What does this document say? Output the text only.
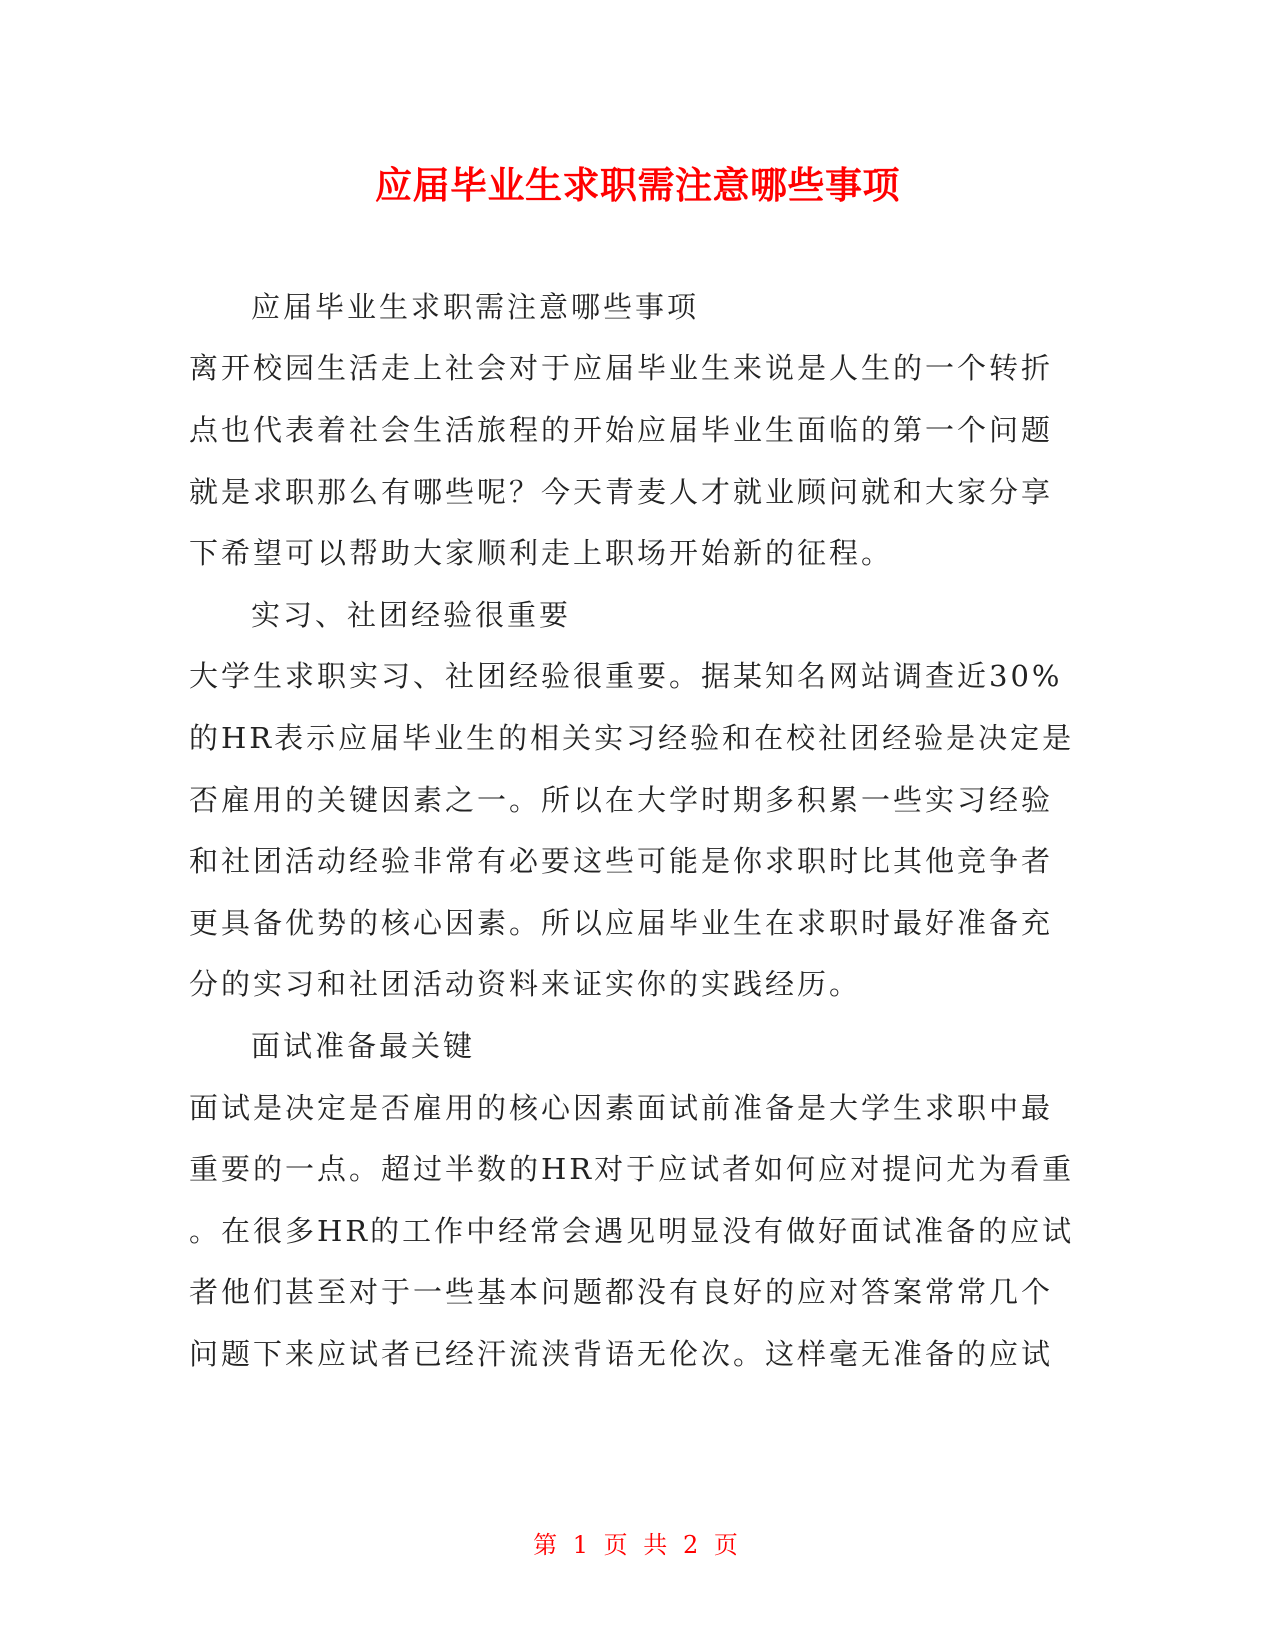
应届毕业生求职需注意哪些事项
应届毕业生求职需注意哪些事项
离开校园生活走上社会对于应届毕业生来说是人生的一个转折
点也代表着社会生活旅程的开始应届毕业生面临的第一个问题
就是求职那么有哪些呢？今天青麦人才就业顾问就和大家分享
下希望可以帮助大家顺利走上职场开始新的征程。
实习、社团经验很重要
大学生求职实习、社团经验很重要。据某知名网站调查近30%
的HR表示应届毕业生的相关实习经验和在校社团经验是决定是
否雇用的关键因素之一。所以在大学时期多积累一些实习经验
和社团活动经验非常有必要这些可能是你求职时比其他竞争者
更具备优势的核心因素。所以应届毕业生在求职时最好准备充
分的实习和社团活动资料来证实你的实践经历。
面试准备最关键
面试是决定是否雇用的核心因素面试前准备是大学生求职中最
重要的一点。超过半数的HR对于应试者如何应对提问尤为看重
。在很多HR的工作中经常会遇见明显没有做好面试准备的应试
者他们甚至对于一些基本问题都没有良好的应对答案常常几个
问题下来应试者已经汗流浃背语无伦次。这样毫无准备的应试
第 1 页 共 2 页
